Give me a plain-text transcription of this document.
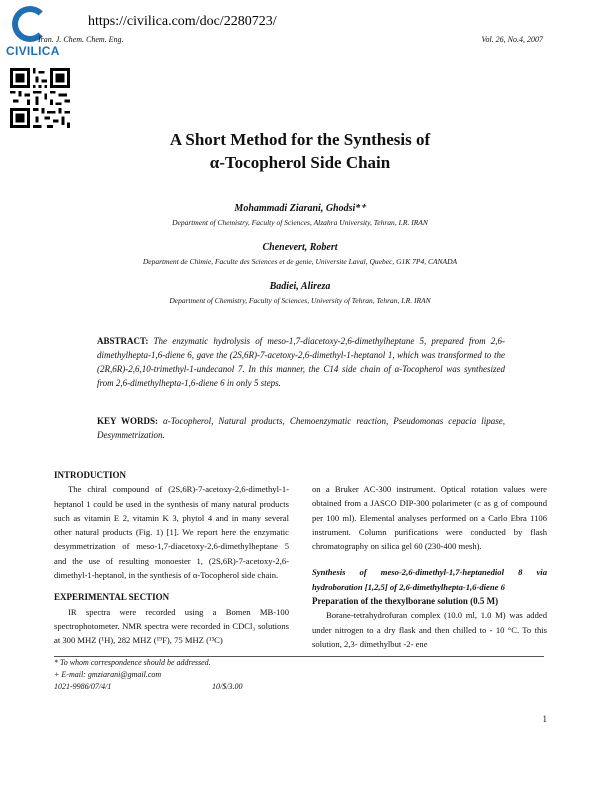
CIVILICA
https://civilica.com/doc/2280723/
Iran. J. Chem. Chem. Eng.	Vol. 26, No.4, 2007
A Short Method for the Synthesis of
α-Tocopherol Side Chain
Mohammadi Ziarani, Ghodsi*⁺
Department of Chemistry, Faculty of Sciences, Alzahra University, Tehran, I.R. IRAN
Chenevert, Robert
Department de Chimie, Faculte des Sciences et de genie, Universite Laval, Quebec, G1K 7P4, CANADA
Badiei, Alireza
Department of Chemistry, Faculty of Sciences, University of Tehran, Tehran, I.R. IRAN
ABSTRACT: The enzymatic hydrolysis of meso-1,7-diacetoxy-2,6-dimethylheptane 5, prepared from 2,6-dimethylhepta-1,6-diene 6, gave the (2S,6R)-7-acetoxy-2,6-dimethyl-1-heptanol 1, which was transformed to the (2R,6R)-2,6,10-trimethyl-1-undecanol 7. In this manner, the C14 side chain of α-Tocopherol was synthesized from 2,6-dimethylhepta-1,6-diene 6 in only 5 steps.
KEY WORDS: α-Tocopherol, Natural products, Chemoenzymatic reaction, Pseudomonas cepacia lipase, Desymmetrization.

INTRODUCTION

The chiral compound of (2S,6R)-7-acetoxy-2,6-dimethyl-1-heptanol 1 could be used in the synthesis of many natural products such as vitamin E 2, vitamin K 3, phytol 4 and in many several other natural products (Fig. 1) [1]. We report here the enzymatic desymmetrization of meso-1,7-diacetoxy-2,6-dimethylheptane 5 and the use of resulting monoester 1, (2S,6R)-7-acetoxy-2,6-dimethyl-1-heptanol, in the synthesis of α-Tocopherol side chain.

EXPERIMENTAL SECTION

IR spectra were recorded using a Bomen MB-100 spectrophotometer. NMR spectra were recorded in CDCl₃ solutions at 300 MHZ (¹H), 282 MHZ (¹⁹F), 75 MHZ (¹³C)

on a Bruker AC-300 instrument. Optical rotation values were obtained from a JASCO DIP-300 polarimeter (c as g of compound per 100 ml). Elemental analyses performed on a Carlo Ebra 1106 instrument. Column purifications were conducted by flash chromatography on silica gel 60 (230-400 mesh).

Synthesis of meso-2,6-dimethyl-1,7-heptanediol 8 via hydroboration [1,2,5] of 2,6-dimethylhepta-1,6-diene 6

Preparation of the thexylborane solution (0.5 M)

Borane-tetrahydrofuran complex (10.0 ml, 1.0 M) was added under nitrogen to a dry flask and then chilled to - 10 °C. To this solution, 2,3- dimethylbut -2- ene

* To whom correspondence should be addressed.
+ E-mail: gmziarani@gmail.com
1021-9986/07/4/1	10/$/3.00
1
